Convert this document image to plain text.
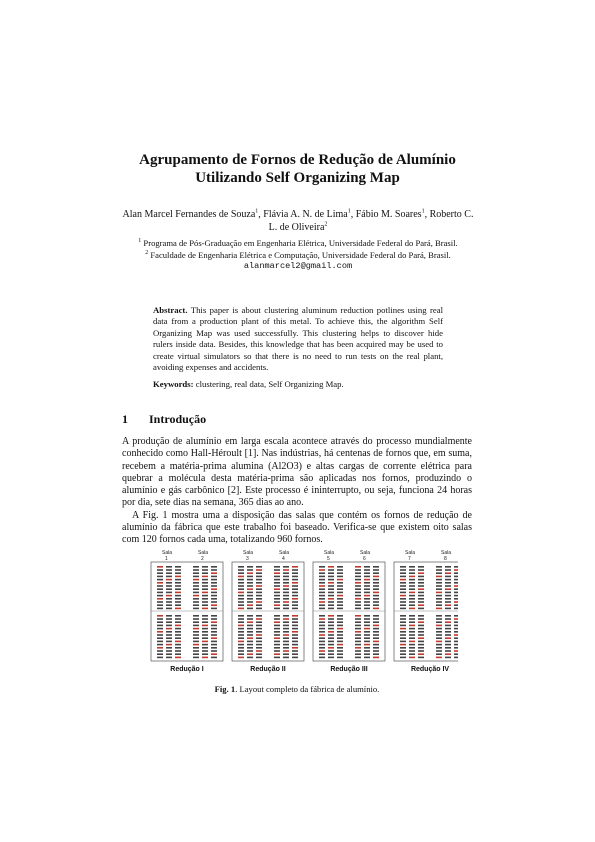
Agrupamento de Fornos de Redução de Alumínio
Utilizando Self Organizing Map
Alan Marcel Fernandes de Souza$^1$, Flávia A. N. de Lima$^1$, Fábio M. Soares$^1$, Roberto C. L. de Oliveira$^2$
$^1$ Programa de Pós-Graduação em Engenharia Elétrica, Universidade Federal do Pará, Brasil.
$^2$ Faculdade de Engenharia Elétrica e Computação, Universidade Federal do Pará, Brasil.
alanmarcel2@gmail.com
Abstract. This paper is about clustering aluminum reduction potlines using real data from a production plant of this metal. To achieve this, the algorithm Self Organizing Map was used successfully. This clustering helps to discover hide rulers inside data. Besides, this knowledge that has been acquired may be used to create virtual simulators so that there is no need to run tests on the real plant, avoiding expenses and accidents.
Keywords: clustering, real data, Self Organizing Map.
1 Introdução

A produção de alumínio em larga escala acontece através do processo mundialmente conhecido como Hall-Héroult [1]. Nas indústrias, há centenas de fornos que, em suma, recebem a matéria-prima alumina (Al2O3) e altas cargas de corrente elétrica para quebrar a molécula desta matéria-prima são aplicadas nos fornos, produzindo o alumínio e gás carbônico [2]. Este processo é ininterrupto, ou seja, funciona 24 horas por dia, sete dias na semana, 365 dias ao ano.

A Fig. 1 mostra uma a disposição das salas que contém os fornos de redução de alumínio da fábrica que este trabalho foi baseado. Verifica-se que existem oito salas com 120 fornos cada uma, totalizando 960 fornos.

Sala
1
Sala
2
Redução I
Sala
3
Sala
4
Redução II
Sala
5
Sala
6
Redução III
Sala
7
Sala
8
Redução IV
Fig. 1. Layout completo da fábrica de alumínio.
